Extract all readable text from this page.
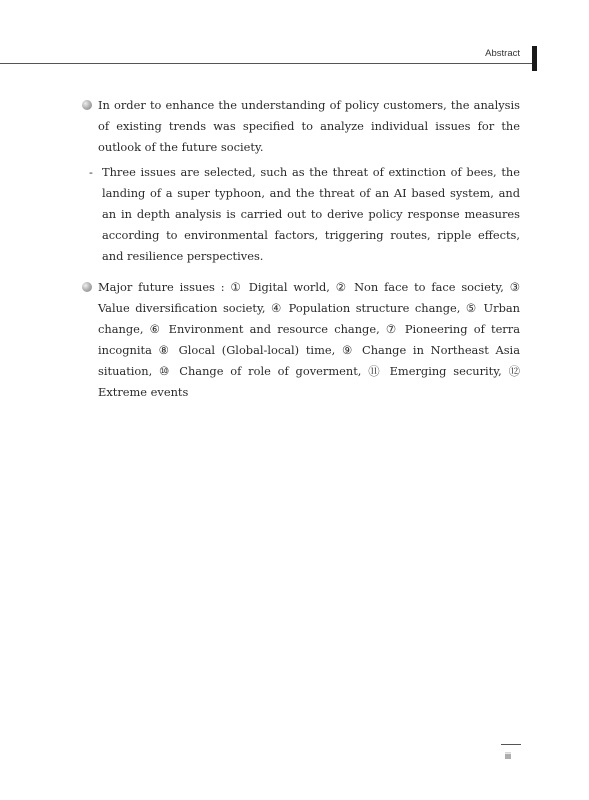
Abstract
In order to enhance the understanding of policy customers, the analysis of existing trends was specified to analyze individual issues for the outlook of the future society.
- Three issues are selected, such as the threat of extinction of bees, the landing of a super typhoon, and the threat of an AI based system, and an in depth analysis is carried out to derive policy response measures according to environmental factors, triggering routes, ripple effects, and resilience perspectives.
Major future issues : ① Digital world, ② Non face to face society, ③ Value diversification society, ④ Population structure change, ⑤ Urban change, ⑥ Environment and resource change, ⑦ Pioneering of terra incognita ⑧ Glocal (Global-local) time, ⑨ Change in Northeast Asia situation, ⑩ Change of role of goverment, ⑪ Emerging security, ⑫ Extreme events
iii
